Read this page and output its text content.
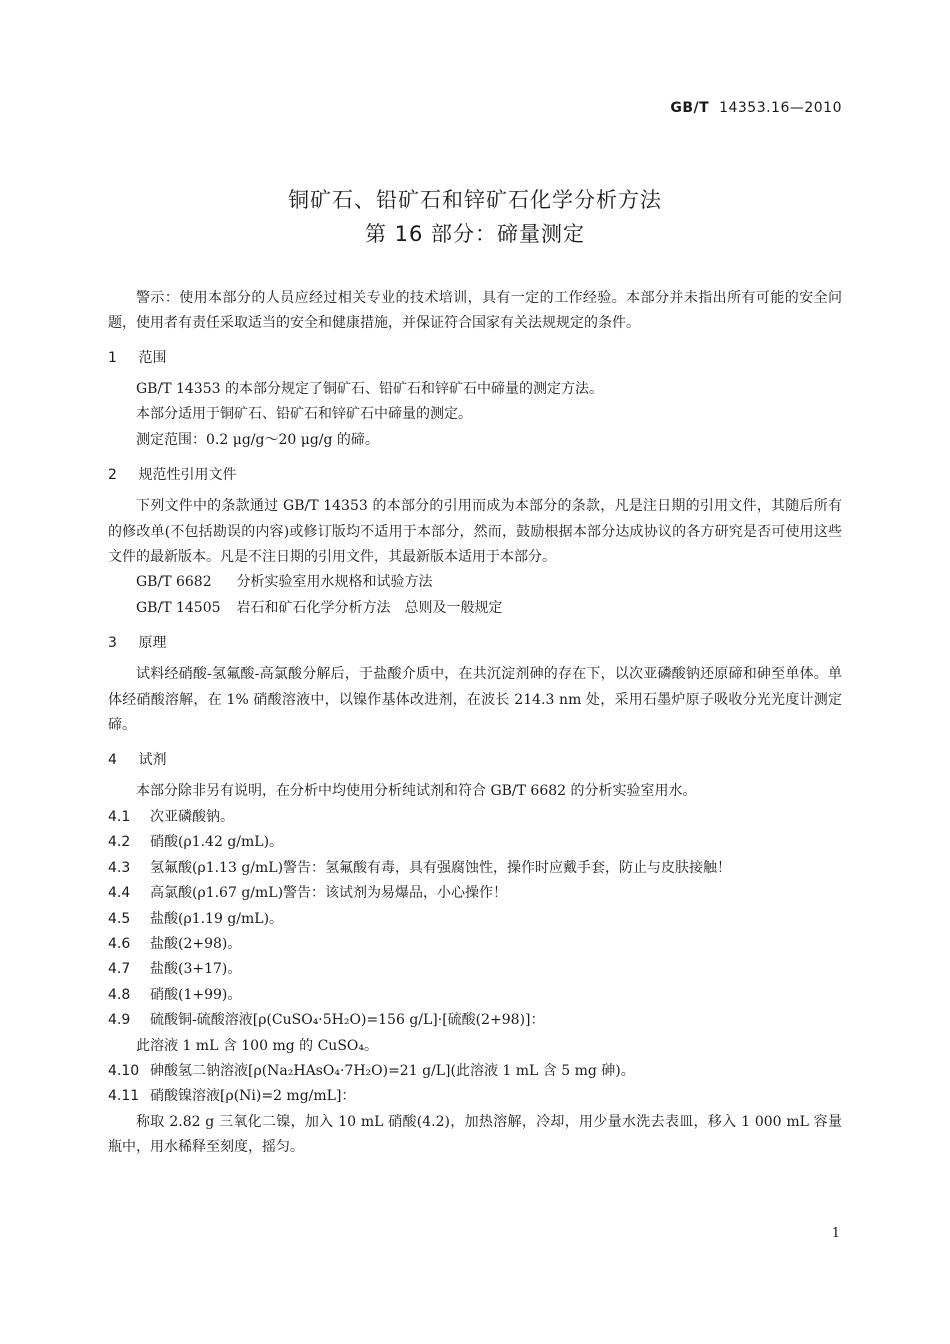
GB/T 14353.16—2010
铜矿石、铅矿石和锌矿石化学分析方法
第 16 部分：碲量测定

警示：使用本部分的人员应经过相关专业的技术培训，具有一定的工作经验。本部分并未指出所有可能的安全问题，使用者有责任采取适当的安全和健康措施，并保证符合国家有关法规规定的条件。

1 范围

GB/T 14353 的本部分规定了铜矿石、铅矿石和锌矿石中碲量的测定方法。

本部分适用于铜矿石、铅矿石和锌矿石中碲量的测定。

测定范围：0.2 μg/g～20 μg/g 的碲。

2 规范性引用文件

下列文件中的条款通过 GB/T 14353 的本部分的引用而成为本部分的条款，凡是注日期的引用文件，其随后所有的修改单(不包括勘误的内容)或修订版均不适用于本部分，然而，鼓励根据本部分达成协议的各方研究是否可使用这些文件的最新版本。凡是不注日期的引用文件，其最新版本适用于本部分。

GB/T 6682 分析实验室用水规格和试验方法

GB/T 14505 岩石和矿石化学分析方法　总则及一般规定

3 原理

试料经硝酸-氢氟酸-高氯酸分解后，于盐酸介质中，在共沉淀剂砷的存在下，以次亚磷酸钠还原碲和砷至单体。单体经硝酸溶解，在 1% 硝酸溶液中，以镍作基体改进剂，在波长 214.3 nm 处，采用石墨炉原子吸收分光光度计测定碲。

4 试剂

本部分除非另有说明，在分析中均使用分析纯试剂和符合 GB/T 6682 的分析实验室用水。

4.1 次亚磷酸钠。

4.2 硝酸(ρ1.42 g/mL)。

4.3 氢氟酸(ρ1.13 g/mL)警告：氢氟酸有毒，具有强腐蚀性，操作时应戴手套，防止与皮肤接触！

4.4 高氯酸(ρ1.67 g/mL)警告：该试剂为易爆品，小心操作！

4.5 盐酸(ρ1.19 g/mL)。

4.6 盐酸(2+98)。

4.7 盐酸(3+17)。

4.8 硝酸(1+99)。

4.9 硫酸铜-硫酸溶液[ρ(CuSO₄·5H₂O)=156 g/L]·[硫酸(2+98)]：

此溶液 1 mL 含 100 mg 的 CuSO₄。

4.10 砷酸氢二钠溶液[ρ(Na₂HAsO₄·7H₂O)=21 g/L](此溶液 1 mL 含 5 mg 砷)。

4.11 硝酸镍溶液[ρ(Ni)=2 mg/mL]：

称取 2.82 g 三氧化二镍，加入 10 mL 硝酸(4.2)，加热溶解，冷却，用少量水洗去表皿，移入 1 000 mL 容量瓶中，用水稀释至刻度，摇匀。

1
